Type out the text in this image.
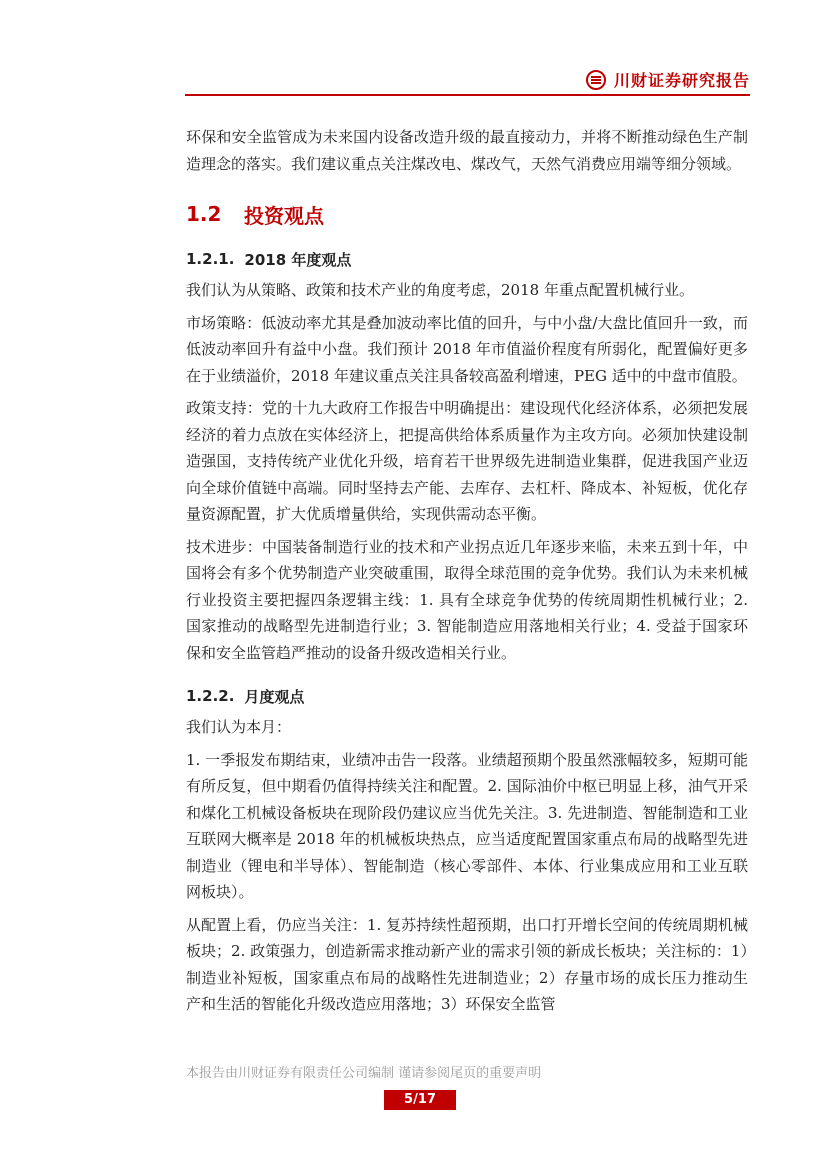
川财证券研究报告

环保和安全监管成为未来国内设备改造升级的最直接动力，并将不断推动绿色生产制造理念的落实。我们建议重点关注煤改电、煤改气，天然气消费应用端等细分领域。

1.2	投资观点
1.2.1. 2018 年度观点

我们认为从策略、政策和技术产业的角度考虑，2018 年重点配置机械行业。

市场策略：低波动率尤其是叠加波动率比值的回升，与中小盘/大盘比值回升一致，而低波动率回升有益中小盘。我们预计 2018 年市值溢价程度有所弱化，配置偏好更多在于业绩溢价，2018 年建议重点关注具备较高盈利增速，PEG 适中的中盘市值股。

政策支持：党的十九大政府工作报告中明确提出：建设现代化经济体系，必须把发展经济的着力点放在实体经济上，把提高供给体系质量作为主攻方向。必须加快建设制造强国，支持传统产业优化升级，培育若干世界级先进制造业集群，促进我国产业迈向全球价值链中高端。同时坚持去产能、去库存、去杠杆、降成本、补短板，优化存量资源配置，扩大优质增量供给，实现供需动态平衡。

技术进步：中国装备制造行业的技术和产业拐点近几年逐步来临，未来五到十年，中国将会有多个优势制造产业突破重围，取得全球范围的竞争优势。我们认为未来机械行业投资主要把握四条逻辑主线：1. 具有全球竞争优势的传统周期性机械行业；2. 国家推动的战略型先进制造行业；3. 智能制造应用落地相关行业；4. 受益于国家环保和安全监管趋严推动的设备升级改造相关行业。

1.2.2. 月度观点

我们认为本月：

1. 一季报发布期结束，业绩冲击告一段落。业绩超预期个股虽然涨幅较多，短期可能有所反复，但中期看仍值得持续关注和配置。2. 国际油价中枢已明显上移，油气开采和煤化工机械设备板块在现阶段仍建议应当优先关注。3. 先进制造、智能制造和工业互联网大概率是 2018 年的机械板块热点，应当适度配置国家重点布局的战略型先进制造业（锂电和半导体）、智能制造（核心零部件、本体、行业集成应用和工业互联网板块）。

从配置上看，仍应当关注：1. 复苏持续性超预期，出口打开增长空间的传统周期机械板块；2. 政策强力，创造新需求推动新产业的需求引领的新成长板块；关注标的：1）制造业补短板，国家重点布局的战略性先进制造业；2）存量市场的成长压力推动生产和生活的智能化升级改造应用落地；3）环保安全监管

本报告由川财证券有限责任公司编制 谨请参阅尾页的重要声明
5/17
